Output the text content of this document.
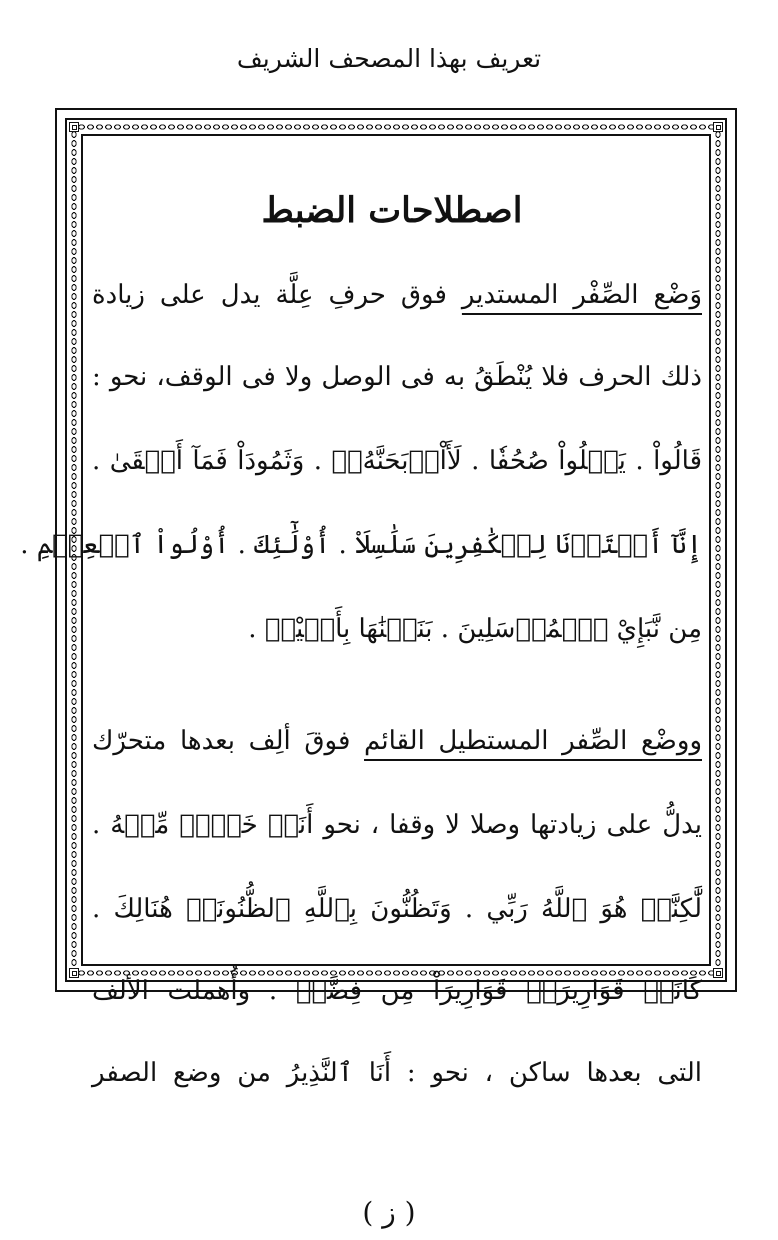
تعريف بهذا المصحف الشريف
اصطلاحات الضبط
وَضْع الصِّفْر المستدير فوق حرفِ عِلَّة يدل على زيادة
ذلك الحرف فلا يُنْطَقُ به فى الوصل ولا فى الوقف، نحو :
قَالُواْ . يَتۡلُواْ صُحُفٗا . لَأَاْذۡبَحَنَّهُۥٓ . وَثَمُودَاْ فَمَآ أَبۡقَىٰ .
إِنَّآ أَعۡتَدۡنَا لِلۡكَٰفِرِينَ سَلَٰسِلَاْ . أُوْلَٰٓئِكَ . أُوْلُواْ ٱلۡعِلۡمِ .
مِن نَّبَإِيْ ٱلۡمُرۡسَلِينَ . بَنَيۡنَٰهَا بِأَيۡيْدٖ .
ووضْع الصِّفر المستطيل القائم فوقَ ألِف بعدها متحرّك
يدلُّ على زيادتها وصلا لا وقفا ، نحو أَنَا۠ خَيۡرٞ مِّنۡهُ .
لَّٰكِنَّا۠ هُوَ ٱللَّهُ رَبِّي . وَتَظُنُّونَ بِٱللَّهِ ٱلظُّنُونَا۠ هُنَالِكَ .
كَانَتۡ قَوَارِيرَا۠ قَوَارِيرَاْ مِن فِضَّةٖ . وأُهملت الألف
التى بعدها ساكن ، نحو : أَنَا ٱلنَّذِيرُ من وضع الصفر
( ز )
